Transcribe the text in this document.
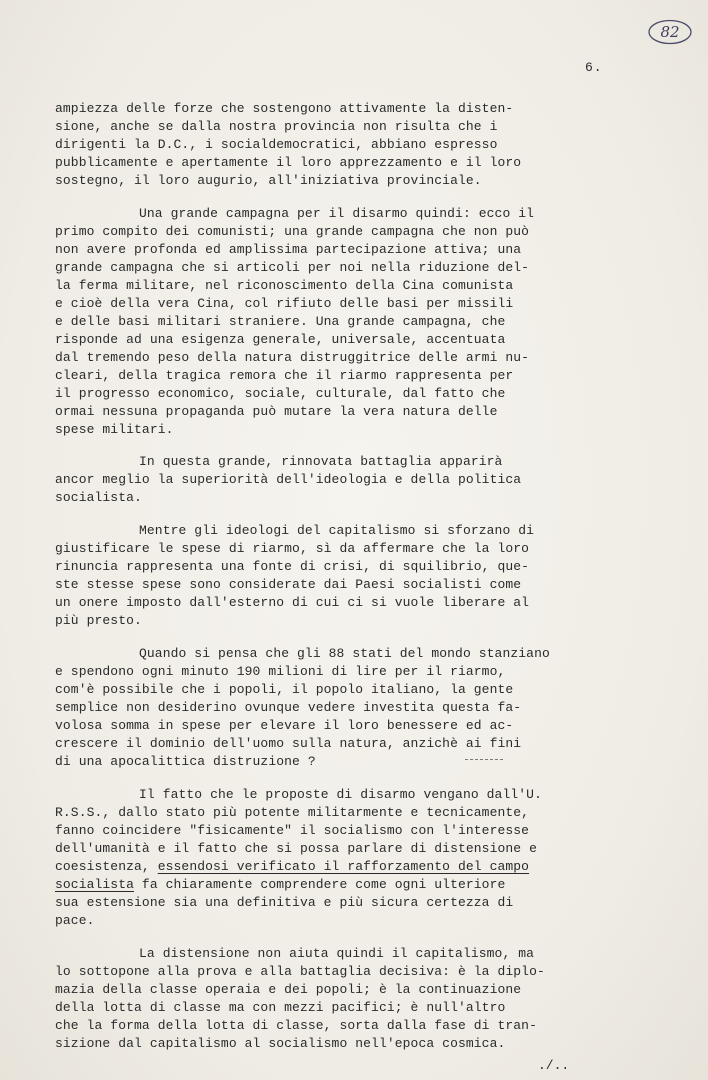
82

6.

ampiezza delle forze che sostengono attivamente la disten-

sione, anche se dalla nostra provincia non risulta che i

dirigenti la D.C., i socialdemocratici, abbiano espresso

pubblicamente e apertamente il loro apprezzamento e il loro

sostegno, il loro augurio, all'iniziativa provinciale.

Una grande campagna per il disarmo quindi: ecco il

primo compito dei comunisti; una grande campagna che non può

non avere profonda ed amplissima partecipazione attiva; una

grande campagna che si articoli per noi nella riduzione del-

la ferma militare, nel riconoscimento della Cina comunista

e cioè della vera Cina, col rifiuto delle basi per missili

e delle basi militari straniere. Una grande campagna, che

risponde ad una esigenza generale, universale, accentuata

dal tremendo peso della natura distruggitrice delle armi nu-

cleari, della tragica remora che il riarmo rappresenta per

il progresso economico, sociale, culturale, dal fatto che

ormai nessuna propaganda può mutare la vera natura delle

spese militari.

In questa grande, rinnovata battaglia apparirà

ancor meglio la superiorità dell'ideologia e della politica

socialista.

Mentre gli ideologi del capitalismo si sforzano di

giustificare le spese di riarmo, sì da affermare che la loro

rinuncia rappresenta una fonte di crisi, di squilibrio, que-

ste stesse spese sono considerate dai Paesi socialisti come

un onere imposto dall'esterno di cui ci si vuole liberare al

più presto.

Quando si pensa che gli 88 stati del mondo stanziano

e spendono ogni minuto 190 milioni di lire per il riarmo,

com'è possibile che i popoli, il popolo italiano, la gente

semplice non desiderino ovunque vedere investita questa fa-

volosa somma in spese per elevare il loro benessere ed ac-

crescere il dominio dell'uomo sulla natura, anzichè ai fini

di una apocalittica distruzione ?

Il fatto che le proposte di disarmo vengano dall'U.

R.S.S., dallo stato più potente militarmente e tecnicamente,

fanno coincidere "fisicamente" il socialismo con l'interesse

dell'umanità e il fatto che si possa parlare di distensione e

coesistenza, essendosi verificato il rafforzamento del campo

socialista fa chiaramente comprendere come ogni ulteriore

sua estensione sia una definitiva e più sicura certezza di

pace.

La distensione non aiuta quindi il capitalismo, ma

lo sottopone alla prova e alla battaglia decisiva: è la diplo-

mazia della classe operaia e dei popoli; è la continuazione

della lotta di classe ma con mezzi pacifici; è null'altro

che la forma della lotta di classe, sorta dalla fase di tran-

sizione dal capitalismo al socialismo nell'epoca cosmica.

./..
